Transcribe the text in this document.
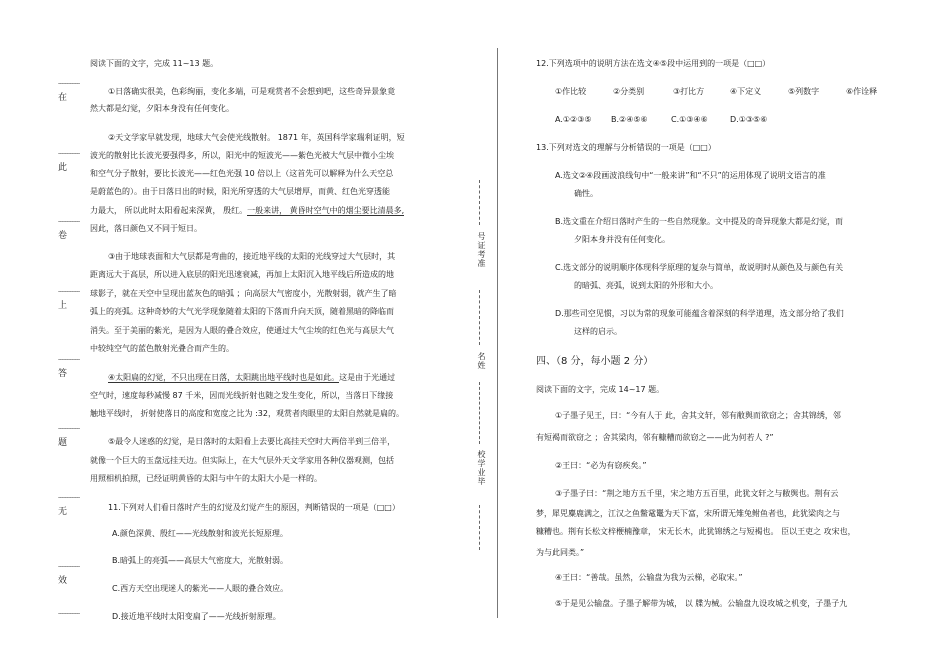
-------------
在
-------------
此
-------------
卷
-------------
上
-------------
答
-------------
题
-------------
无
-------------
效
-------------
号证考准
名姓
校学业毕
阅读下面的文字，完成 11~13 题。
①日落确实很美，色彩绚丽，变化多端，可是观赏者不会想到吧，这些奇异景象竟
然大都是幻觉，夕阳本身没有任何变化。
②天文学家早就发现，地球大气会使光线散射。 1871 年，英国科学家瑞利证明，短
波光的散射比长波光要强得多，所以，阳光中的短波光——紫色光被大气层中微小尘埃
和空气分子散射，要比长波光——红色光强 10 倍以上（这首先可以解释为什么天空总
是蔚蓝色的）。由于日落日出的时候，阳光所穿透的大气层增厚，而黄、红色光穿透能
力最大， 所以此时太阳看起来深黄， 殷红。一般来讲， 黄昏时空气中的烟尘要比清晨多,
因此，落日颜色又不同于短日。
③由于地球表面和大气层都是弯曲的，接近地平线的太阳的光线穿过大气层时，其
距离远大于高层，所以进入底层的阳光迅速衰减，再加上太阳沉入地平线后所造成的地
球影子，就在天空中呈现出蓝灰色的暗弧 ；向高层大气密度小，光散射弱，就产生了暗
弧上的亮弧。这种奇妙的大气光学现象随着太阳的下落而升向天顶，随着黑暗的降临而
消失。至于美丽的紫光，是因为人眼的叠合效应，使通过大气尘埃的红色光与高层大气
中较纯空气的蓝色散射光叠合而产生的。
④太阳扁的幻觉，不只出现在日落，太阳跳出地平线时也是如此。这是由于光通过
空气时，速度每秒减慢 87 千米，因而光线折射也随之发生变化，所以，当落日下缘接
触地平线时， 折射使落日的高度和宽度之比为 :32，观赏者肉眼里的太阳自然就是扁的。
⑤最令人迷惑的幻觉，是日落时的太阳看上去要比高挂天空时大两倍半到三倍半，
就像一个巨大的玉盘远挂天边。但实际上，在大气层外天文学家用各种仪器观测，包括
用照相机拍照，已经证明黄昏的太阳与中午的太阳大小是一样的。
11.下列对人们看日落时产生的幻觉及幻觉产生的原因，判断错误的一项是（□□）
A.颜色深黄、殷红——光线散射和波光长短原理。
B.暗弧上的亮弧——高层大气密度大，光散射弱。
C.西方天空出现迷人的紫光——人眼的叠合效应。
D.接近地平线时太阳变扁了——光线折射原理。
12.下列选项中的说明方法在选文④⑤段中运用到的一项是（□□）
①作比较	②分类别	③打比方	④下定义	⑤列数字	⑥作诠释
A.①②③⑤ B.②④⑤⑥	C.①③④⑥	D.①③⑤⑥
13.下列对选文的理解与分析错误的一项是（□□）
A.选文②④段画波浪线句中“一般来讲”和“不只”的运用体现了说明文语言的准
确性。
B.选文重在介绍日落时产生的一些自然现象。文中提及的奇异现象大都是幻觉，而
夕阳本身并没有任何变化。
C.选文部分的说明顺序体现科学原理的复杂与简单，故说明时从颜色及与颜色有关
的暗弧、亮弧，说到太阳的外形和大小。
D.那些司空见惯，习以为常的现象可能蕴含着深刻的科学道理，选文部分给了我们
这样的启示。
四、（8 分，每小题 2 分）
阅读下面的文字，完成 14~17 题。
①子墨子见王，曰：“今有人于 此，舍其文轩，邻有敝舆而欲窃之；舍其锦绣，邻
有短褐而欲窃之 ；舍其梁肉，邻有糠糟而欲窃之——此为何若人 ?”
②王曰：“必为有窃疾矣。”
③子墨子曰：“荆之地方五千里，宋之地方五百里，此犹文轩之与敝舆也。荆有云
梦，犀兕麋鹿满之，江汉之鱼鳖鼋鼍为天下富，宋所谓无雉兔鲋鱼者也，此犹梁肉之与
糠糟也。荆有长松文梓楩楠豫章， 宋无长木，此犹锦绣之与短褐也。 臣以王吏之 攻宋也，
为与此同类。”
④王曰：“善哉。虽然，公输盘为我为云梯，必取宋。”
⑤于是见公输盘。子墨子解带为城， 以 牒为械。公输盘九设攻城之机变，子墨子九
